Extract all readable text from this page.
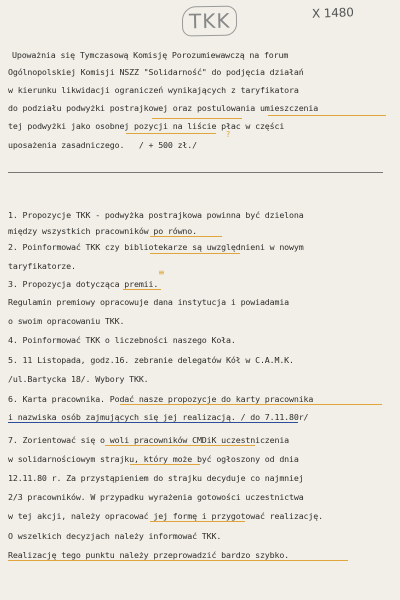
TKK	X 1480
Upoważnia się Tymczasową Komisję Porozumiewawczą na forum
Ogólnopolskiej Komisji NSZZ "Solidarność" do podjęcia działań
w kierunku likwidacji ograniczeń wynikających z taryfikatora
do podziału podwyżki postrajkowej oraz postulowania umieszczenia
tej podwyżki jako osobnej pozycji na liście płac w części
uposażenia zasadniczego.   / + 500 zł./
?
1. Propozycje TKK - podwyżka postrajkowa powinna być dzielona
między wszystkich pracowników po równo.
2. Poinformować TKK czy bibliotekarze są uwzględnieni w nowym
taryfikatorze.
3. Propozycja dotycząca premii.
Regulamin premiowy opracowuje dana instytucja i powiadamia
o swoim opracowaniu TKK.
4. Poinformować TKK o liczebności naszego Koła.
5. 11 Listopada, godz.16. zebranie delegatów Kół w C.A.M.K.
/ul.Bartycka 18/. Wybory TKK.
6. Karta pracownika. Podać nasze propozycje do karty pracownika
i nazwiska osób zajmujących się jej realizacją. / do 7.11.80r/
7. Zorientować się o woli pracowników CMDiK uczestniczenia
w solidarnościowym strajku, który może być ogłoszony od dnia
12.11.80 r. Za przystąpieniem do strajku decyduje co najmniej
2/3 pracowników. W przypadku wyrażenia gotowości uczestnictwa
w tej akcji, należy opracować jej formę i przygotować realizację.
O wszelkich decyzjach należy informować TKK.
Realizację tego punktu należy przeprowadzić bardzo szybko.
≡
